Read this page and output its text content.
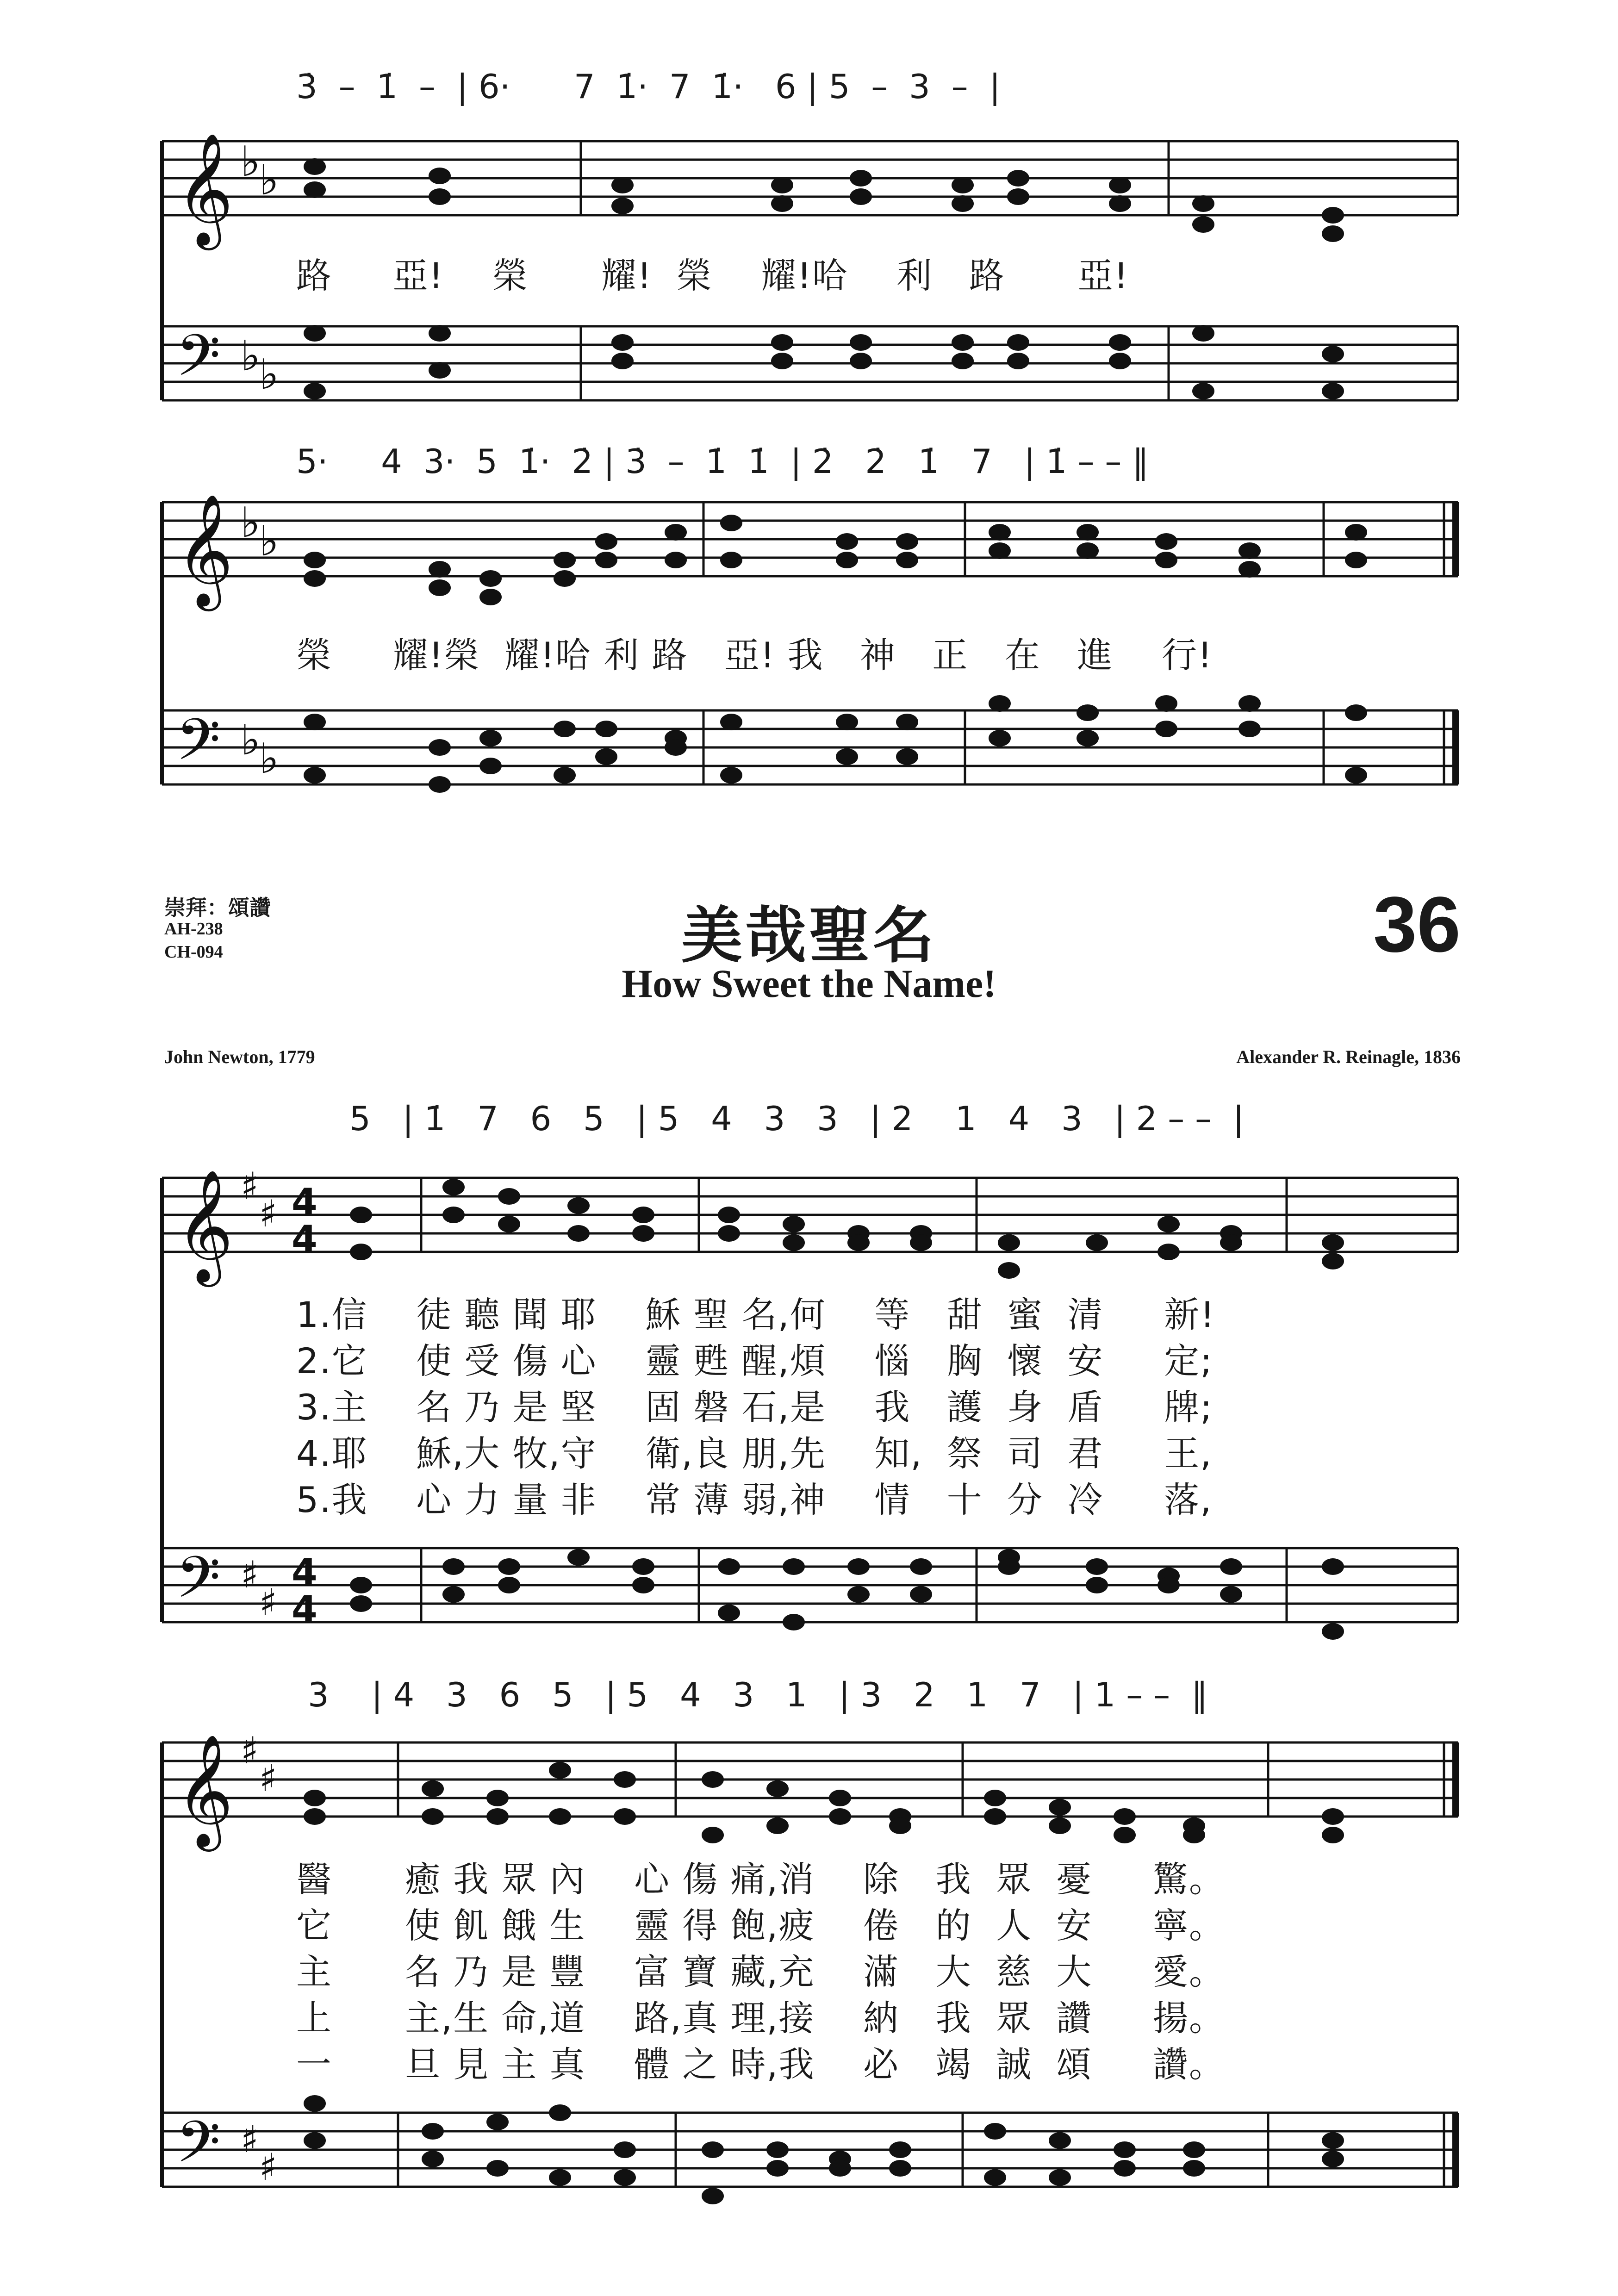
𝄞
𝄢
♭
♭
♭
♭
𝄞
𝄢
♭
♭
♭
♭
𝄞
𝄢
♯
♯
♯
♯
4
4
4
4
𝄞
𝄢
♯
♯
♯
♯
3̇  –  1̇  –  | 6·      7  1̇·  7  1̇·   6 | 5  –  3  –  |
路     亞!    榮      耀!  榮    耀!哈    利   路      亞!
5·     4  3·  5  1̇·  2̇ | 3̇  –  1̇  1̇  | 2̇   2̇   1̇   7   | 1̇ – – ‖
榮     耀!榮  耀!哈 利 路   亞! 我   神   正   在   進    行!
崇拜：頌讚
AH-238
CH-094	美哉聖名
How Sweet the Name!
36
John Newton, 1779	Alexander R. Reinagle, 1836
5   | 1̇   7   6   5   | 5   4   3   3   | 2    1   4   3   | 2 – –  |
1.信    徒 聽 聞 耶    穌 聖 名,何    等   甜  蜜  清     新!
2.它    使 受 傷 心    靈 甦 醒,煩    惱   胸  懷  安     定;
3.主    名 乃 是 堅    固 磐 石,是    我   護  身  盾     牌;
4.耶    穌,大 牧,守    衛,良 朋,先    知,  祭  司  君     王,
5.我    心 力 量 非    常 薄 弱,神    情   十  分  冷     落,
3    | 4   3   6   5   | 5   4   3   1   | 3   2   1   7   | 1 – –  ‖
醫      癒 我 眾 內    心 傷 痛,消    除   我  眾  憂     驚。
它      使 飢 餓 生    靈 得 飽,疲    倦   的  人  安     寧。
主      名 乃 是 豐    富 寶 藏,充    滿   大  慈  大     愛。
上      主,生 命,道    路,真 理,接    納   我  眾  讚     揚。
一      旦 見 主 真    體 之 時,我    必   竭  誠  頌     讚。
